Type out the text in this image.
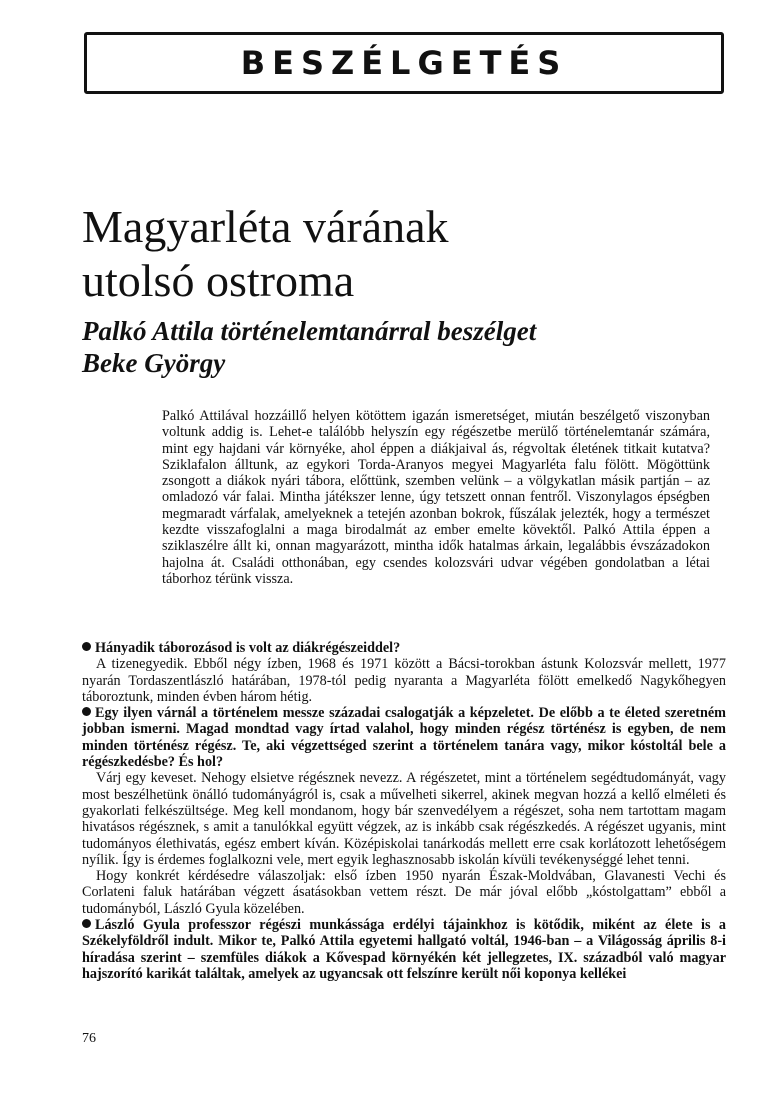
BESZÉLGETÉS
Magyarléta várának
utolsó ostroma
Palkó Attila történelemtanárral beszélget
Beke György

Palkó Attilával hozzáillő helyen kötöttem igazán ismeretséget, miután beszélgető viszonyban voltunk addig is. Lehet-e találóbb helyszín egy régészetbe merülő történelemtanár számára, mint egy hajdani vár környéke, ahol éppen a diákjaival ás, régvoltak életének titkait kutatva? Sziklafalon álltunk, az egykori Torda-Aranyos megyei Magyarléta falu fölött. Mögöttünk zsongott a diákok nyári tábora, előttünk, szemben velünk – a völgykatlan másik partján – az omladozó vár falai. Mintha játékszer lenne, úgy tetszett onnan fentről. Viszonylagos épségben megmaradt várfalak, amelyeknek a tetején azonban bokrok, fűszálak jelezték, hogy a természet kezdte visszafoglalni a maga birodalmát az ember emelte kövektől. Palkó Attila éppen a sziklaszélre állt ki, onnan magyarázott, mintha idők hatalmas árkain, legalábbis évszázadokon hajolna át. Családi otthonában, egy csendes kolozsvári udvar végében gondolatban a létai táborhoz térünk vissza.

Hányadik táborozásod is volt az diákrégészeiddel?

A tizenegyedik. Ebből négy ízben, 1968 és 1971 között a Bácsi-torokban ástunk Kolozsvár mellett, 1977 nyarán Tordaszentlászló határában, 1978-tól pedig nyaranta a Magyarléta fölött emelkedő Nagykőhegyen táboroztunk, minden évben három hétig.

Egy ilyen várnál a történelem messze századai csalogatják a képzeletet. De előbb a te életed szeretném jobban ismerni. Magad mondtad vagy írtad valahol, hogy minden régész történész is egyben, de nem minden történész régész. Te, aki végzettséged szerint a történelem tanára vagy, mikor kóstoltál bele a régészkedésbe? És hol?

Várj egy keveset. Nehogy elsietve régésznek nevezz. A régészetet, mint a történelem segédtudományát, vagy most beszélhetünk önálló tudományágról is, csak a művelheti sikerrel, akinek megvan hozzá a kellő elméleti és gyakorlati felkészültsége. Meg kell mondanom, hogy bár szenvedélyem a régészet, soha nem tartottam magam hivatásos régésznek, s amit a tanulókkal együtt végzek, az is inkább csak régészkedés. A régészet ugyanis, mint tudományos élethivatás, egész embert kíván. Középiskolai tanárkodás mellett erre csak korlátozott lehetőségem nyílik. Így is érdemes foglalkozni vele, mert egyik leghasznosabb iskolán kívüli tevékenységgé lehet tenni.

Hogy konkrét kérdésedre válaszoljak: első ízben 1950 nyarán Észak-Moldvában, Glavanesti Vechi és Corlateni faluk határában végzett ásatásokban vettem részt. De már jóval előbb „kóstolgattam” ebből a tudományból, László Gyula közelében.

László Gyula professzor régészi munkássága erdélyi tájainkhoz is kötődik, miként az élete is a Székelyföldről indult. Mikor te, Palkó Attila egyetemi hallgató voltál, 1946-ban – a Világosság április 8-i híradása szerint – szemfüles diákok a Kővespad környékén két jellegzetes, IX. századból való magyar hajszorító karikát találtak, amelyek az ugyancsak ott felszínre került női koponya kellékei

76
